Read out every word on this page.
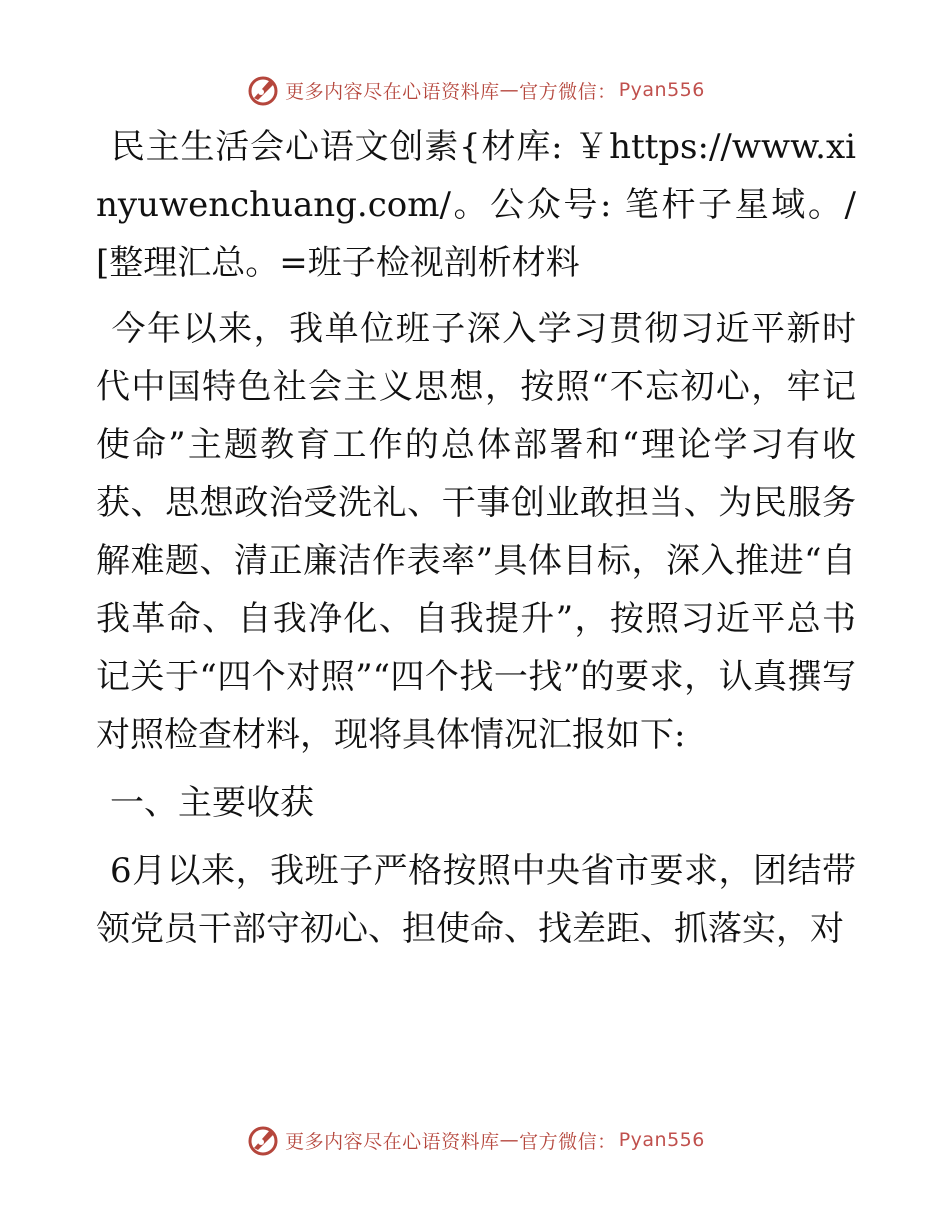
更多内容尽在心语资料库 — 官方微信： Pyan556

民主生活会心语文创素{材库: ￥https://www.xinyuwenchuang.com/。公众号: 笔杆子星域。/[整理汇总。=班子检视剖析材料

今年以来，我单位班子深入学习贯彻习近平新时代中国特色社会主义思想，按照“不忘初心，牢记使命”主题教育工作的总体部署和“理论学习有收获、思想政治受洗礼、干事创业敢担当、为民服务解难题、清正廉洁作表率”具体目标，深入推进“自我革命、自我净化、自我提升”，按照习近平总书记关于“四个对照”“四个找一找”的要求，认真撰写对照检查材料，现将具体情况汇报如下:

一、主要收获

6月以来，我班子严格按照中央省市要求，团结带领党员干部守初心、担使命、找差距、抓落实，对

更多内容尽在心语资料库 — 官方微信： Pyan556
